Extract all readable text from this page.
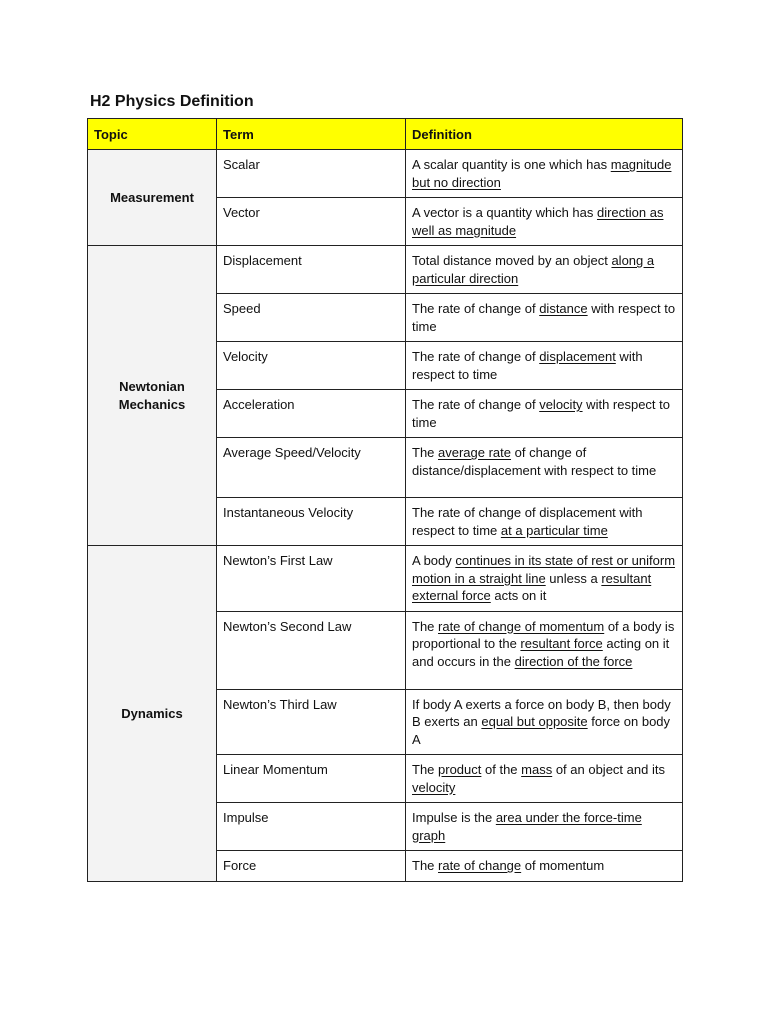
H2 Physics Definition
Topic	Term	Definition
Measurement	Scalar	A scalar quantity is one which has magnitude but no direction
	Vector	A vector is a quantity which has direction as well as magnitude
Newtonian Mechanics	Displacement	Total distance moved by an object along a particular direction
	Speed	The rate of change of distance with respect to time
	Velocity	The rate of change of displacement with respect to time
	Acceleration	The rate of change of velocity with respect to time
	Average Speed/Velocity	The average rate of change of distance/displacement with respect to time
	Instantaneous Velocity	The rate of change of displacement with respect to time at a particular time
Dynamics	Newton’s First Law	A body continues in its state of rest or uniform motion in a straight line unless a resultant external force acts on it
	Newton’s Second Law	The rate of change of momentum of a body is proportional to the resultant force acting on it and occurs in the direction of the force
	Newton’s Third Law	If body A exerts a force on body B, then body B exerts an equal but opposite force on body A
	Linear Momentum	The product of the mass of an object and its velocity
	Impulse	Impulse is the area under the force-time graph
	Force	The rate of change of momentum
